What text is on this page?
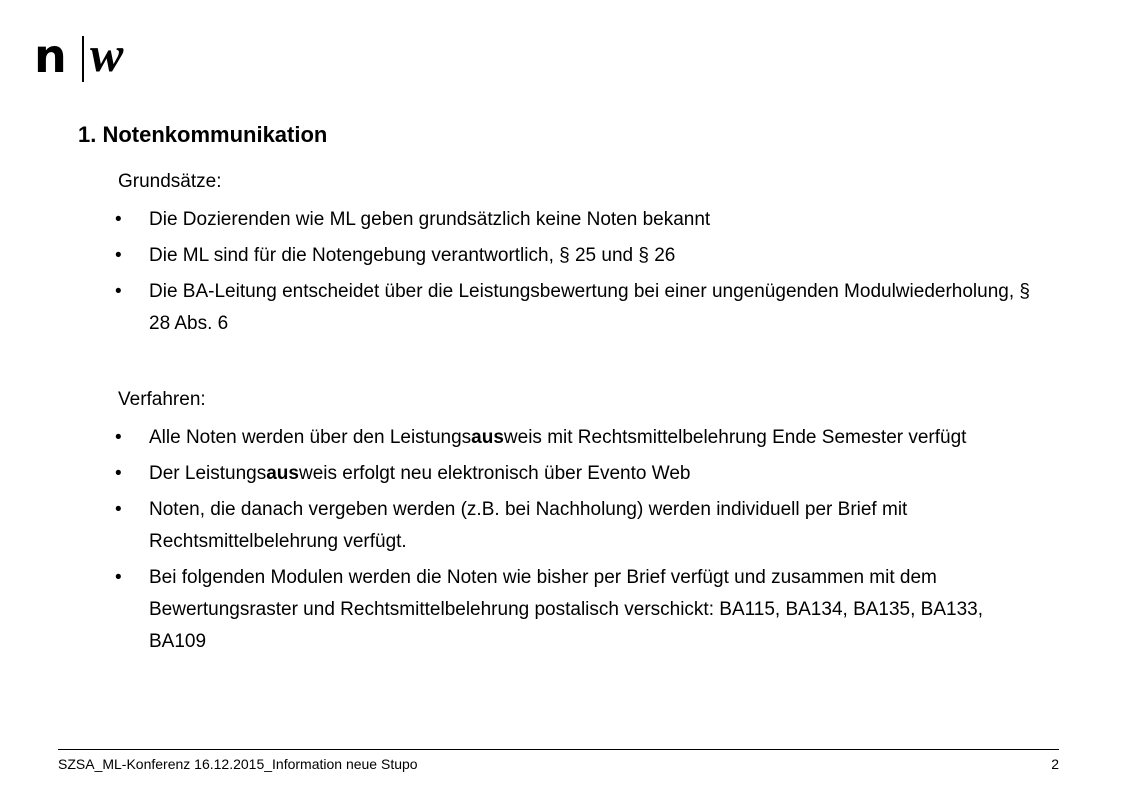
n w
1. Notenkommunikation
Grundsätze:
• Die Dozierenden wie ML geben grundsätzlich keine Noten bekannt
• Die ML sind für die Notengebung verantwortlich, § 25 und § 26
• Die BA-Leitung entscheidet über die Leistungsbewertung bei einer ungenügenden Modulwiederholung, § 28 Abs. 6
Verfahren:
• Alle Noten werden über den Leistungsausweis mit Rechtsmittelbelehrung Ende Semester verfügt
• Der Leistungsausweis erfolgt neu elektronisch über Evento Web
• Noten, die danach vergeben werden (z.B. bei Nachholung) werden individuell per Brief mit Rechtsmittelbelehrung verfügt.
• Bei folgenden Modulen werden die Noten wie bisher per Brief verfügt und zusammen mit dem Bewertungsraster und Rechtsmittelbelehrung postalisch verschickt: BA115, BA134, BA135, BA133, BA109
SZSA_ML-Konferenz 16.12.2015_Information neue Stupo	2
